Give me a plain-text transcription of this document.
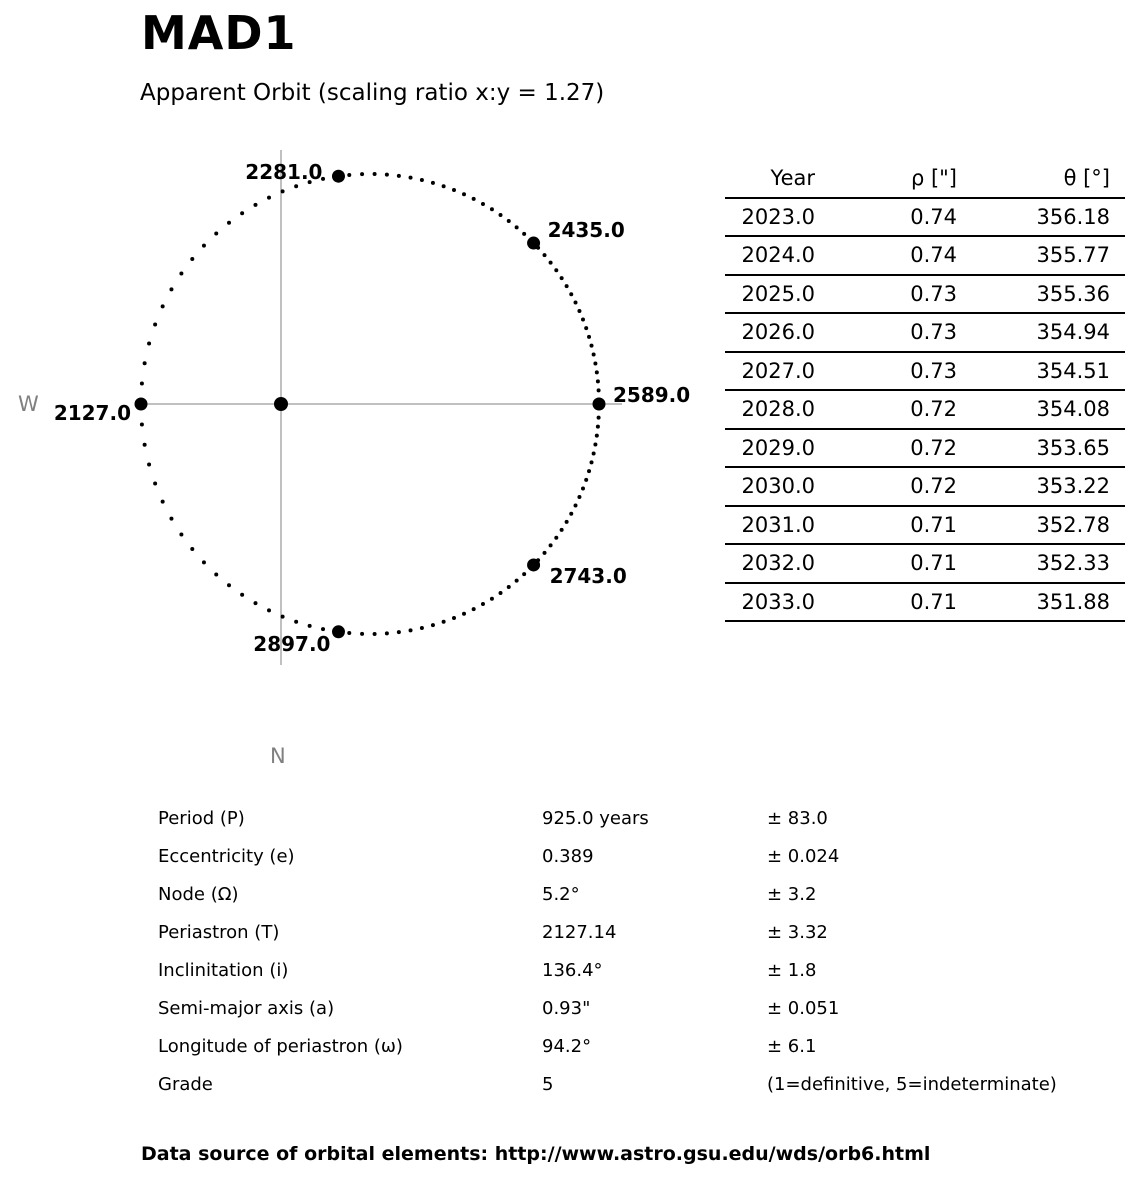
2127.0
2281.0
2435.0
2589.0
2743.0
2897.0
W
N
MAD1
Apparent Orbit (scaling ratio x:y = 1.27)
Year	ρ ["]	θ [°]
2023.0	0.74	356.18
2024.0	0.74	355.77
2025.0	0.73	355.36
2026.0	0.73	354.94
2027.0	0.73	354.51
2028.0	0.72	354.08
2029.0	0.72	353.65
2030.0	0.72	353.22
2031.0	0.71	352.78
2032.0	0.71	352.33
2033.0	0.71	351.88
Period (P)	925.0 years	± 83.0
Eccentricity (e)	0.389	± 0.024
Node (Ω)	5.2°	± 3.2
Periastron (T)	2127.14	± 3.32
Inclinitation (i)	136.4°	± 1.8
Semi-major axis (a)	0.93"	± 0.051
Longitude of periastron (ω)	94.2°	± 6.1
Grade	5	(1=definitive, 5=indeterminate)
Data source of orbital elements: http://www.astro.gsu.edu/wds/orb6.html
